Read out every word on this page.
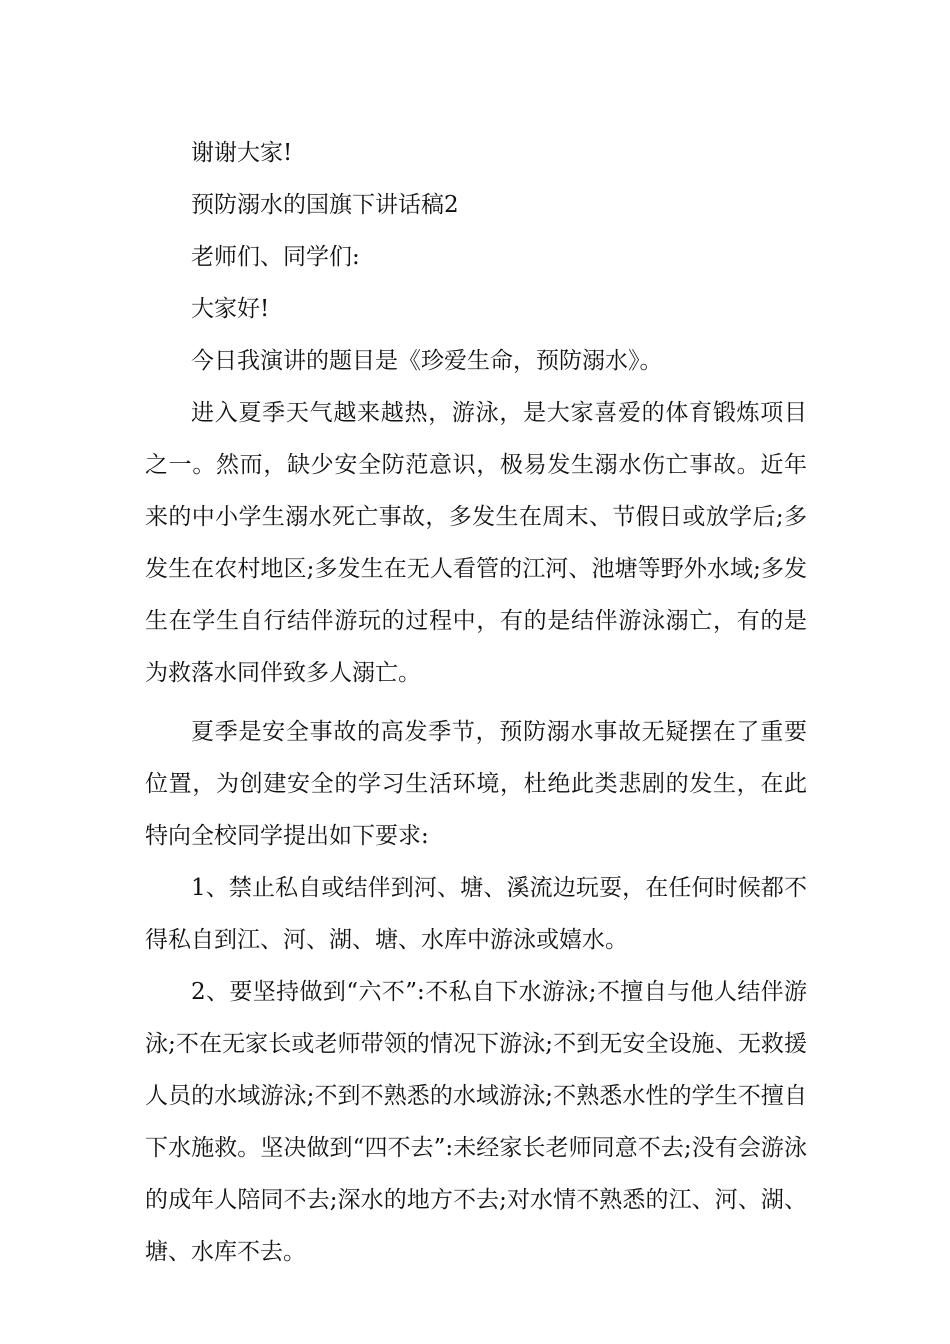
谢谢大家!

预防溺水的国旗下讲话稿2

老师们、同学们:

大家好!

今日我演讲的题目是《珍爱生命，预防溺水》。

进入夏季天气越来越热，游泳，是大家喜爱的体育锻炼项目之一。然而，缺少安全防范意识，极易发生溺水伤亡事故。近年来的中小学生溺水死亡事故，多发生在周末、节假日或放学后;多发生在农村地区;多发生在无人看管的江河、池塘等野外水域;多发生在学生自行结伴游玩的过程中，有的是结伴游泳溺亡，有的是为救落水同伴致多人溺亡。

夏季是安全事故的高发季节，预防溺水事故无疑摆在了重要位置，为创建安全的学习生活环境，杜绝此类悲剧的发生，在此特向全校同学提出如下要求:

1、禁止私自或结伴到河、塘、溪流边玩耍，在任何时候都不得私自到江、河、湖、塘、水库中游泳或嬉水。

2、要坚持做到“六不”:不私自下水游泳;不擅自与他人结伴游泳;不在无家长或老师带领的情况下游泳;不到无安全设施、无救援人员的水域游泳;不到不熟悉的水域游泳;不熟悉水性的学生不擅自下水施救。坚决做到“四不去”:未经家长老师同意不去;没有会游泳的成年人陪同不去;深水的地方不去;对水情不熟悉的江、河、湖、塘、水库不去。
